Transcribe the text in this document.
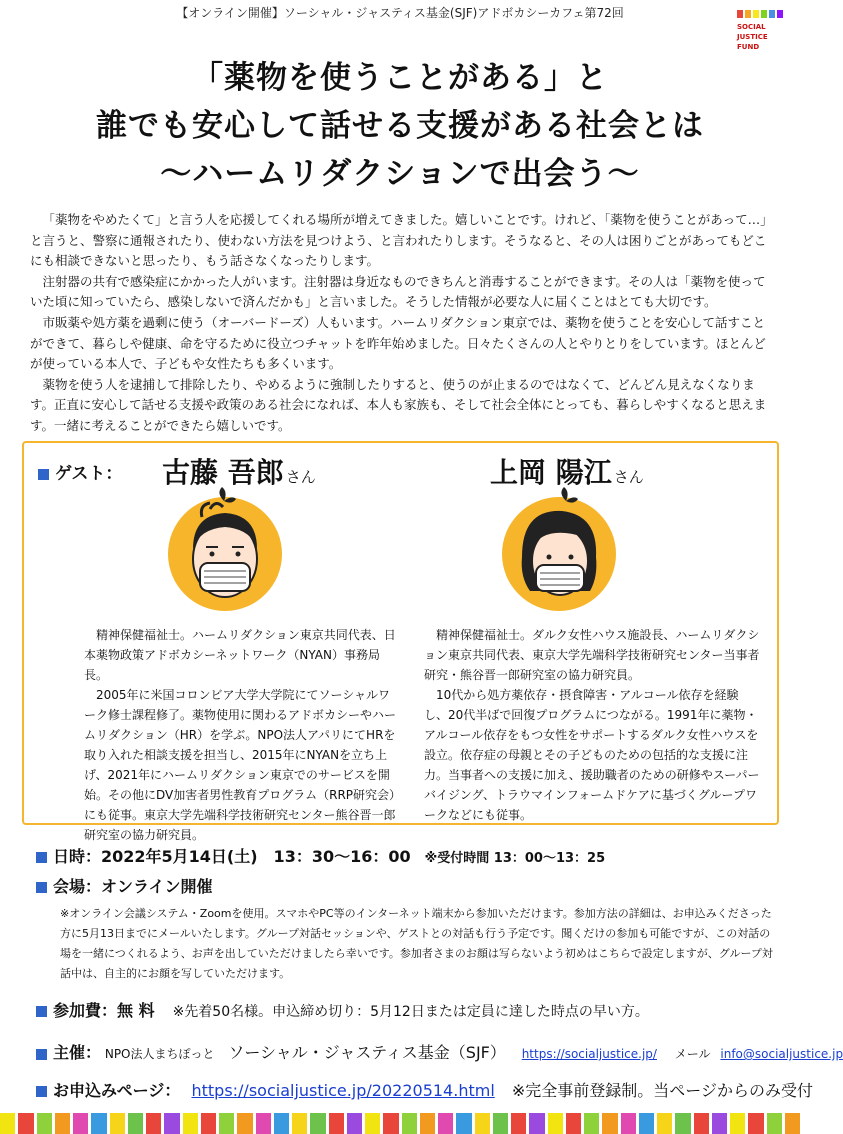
【オンライン開催】ソーシャル・ジャスティス基金(SJF)アドボカシーカフェ第72回
SOCIAL
JUSTICE
FUND
「薬物を使うことがある」と
誰でも安心して話せる支援がある社会とは
～ハームリダクションで出会う～

「薬物をやめたくて」と言う人を応援してくれる場所が増えてきました。嬉しいことです。けれど、「薬物を使うことがあって…」と言うと、警察に通報されたり、使わない方法を見つけよう、と言われたりします。そうなると、その人は困りごとがあってもどこにも相談できないと思ったり、もう話さなくなったりします。

注射器の共有で感染症にかかった人がいます。注射器は身近なものできちんと消毒することができます。その人は「薬物を使っていた頃に知っていたら、感染しないで済んだかも」と言いました。そうした情報が必要な人に届くことはとても大切です。

市販薬や処方薬を過剰に使う（オーバードーズ）人もいます。ハームリダクション東京では、薬物を使うことを安心して話すことができて、暮らしや健康、命を守るために役立つチャットを昨年始めました。日々たくさんの人とやりとりをしています。ほとんどが使っている本人で、子どもや女性たちも多くいます。

薬物を使う人を逮捕して排除したり、やめるように強制したりすると、使うのが止まるのではなくて、どんどん見えなくなります。正直に安心して話せる支援や政策のある社会になれば、本人も家族も、そして社会全体にとっても、暮らしやすくなると思えます。一緒に考えることができたら嬉しいです。

ゲスト： 古藤 吾郎 さん	上岡 陽江 さん

精神保健福祉士。ハームリダクション東京共同代表、日本薬物政策アドボカシーネットワーク（NYAN）事務局長。

2005年に米国コロンビア大学大学院にてソーシャルワーク修士課程修了。薬物使用に関わるアドボカシーやハームリダクション（HR）を学ぶ。NPO法人アパリにてHRを取り入れた相談支援を担当し、2015年にNYANを立ち上げ、2021年にハームリダクション東京でのサービスを開始。その他にDV加害者男性教育プログラム（RRP研究会）にも従事。東京大学先端科学技術研究センター熊谷晋一郎研究室の協力研究員。

精神保健福祉士。ダルク女性ハウス施設長、ハームリダクション東京共同代表、東京大学先端科学技術研究センター当事者研究・熊谷晋一郎研究室の協力研究員。

10代から処方薬依存・摂食障害・アルコール依存を経験し、20代半ばで回復プログラムにつながる。1991年に薬物・アルコール依存をもつ女性をサポートするダルク女性ハウスを設立。依存症の母親とその子どものための包括的な支援に注力。当事者への支援に加え、援助職者のための研修やスーパーバイジング、トラウマインフォームドケアに基づくグループワークなどにも従事。

日時：2022年5月14日(土)　13：30〜16：00 ※受付時間 13：00〜13：25
会場：オンライン開催
※オンライン会議システム・Zoomを使用。スマホやPC等のインターネット端末から参加いただけます。参加方法の詳細は、お申込みくださった方に5月13日までにメールいたします。グループ対話セッションや、ゲストとの対話も行う予定です。聞くだけの参加も可能ですが、この対話の場を一緒につくれるよう、お声を出していただけましたら幸いです。参加者さまのお顔は写らないよう初めはこちらで設定しますが、グループ対話中は、自主的にお顔を写していただけます。
参加費：無 料 ※先着50名様。申込締め切り：5月12日または定員に達した時点の早い方。
主催： NPO法人まちぽっと ソーシャル・ジャスティス基金（SJF） https://socialjustice.jp/ メール info@socialjustice.jp
お申込みページ： https://socialjustice.jp/20220514.html ※完全事前登録制。当ページからのみ受付
